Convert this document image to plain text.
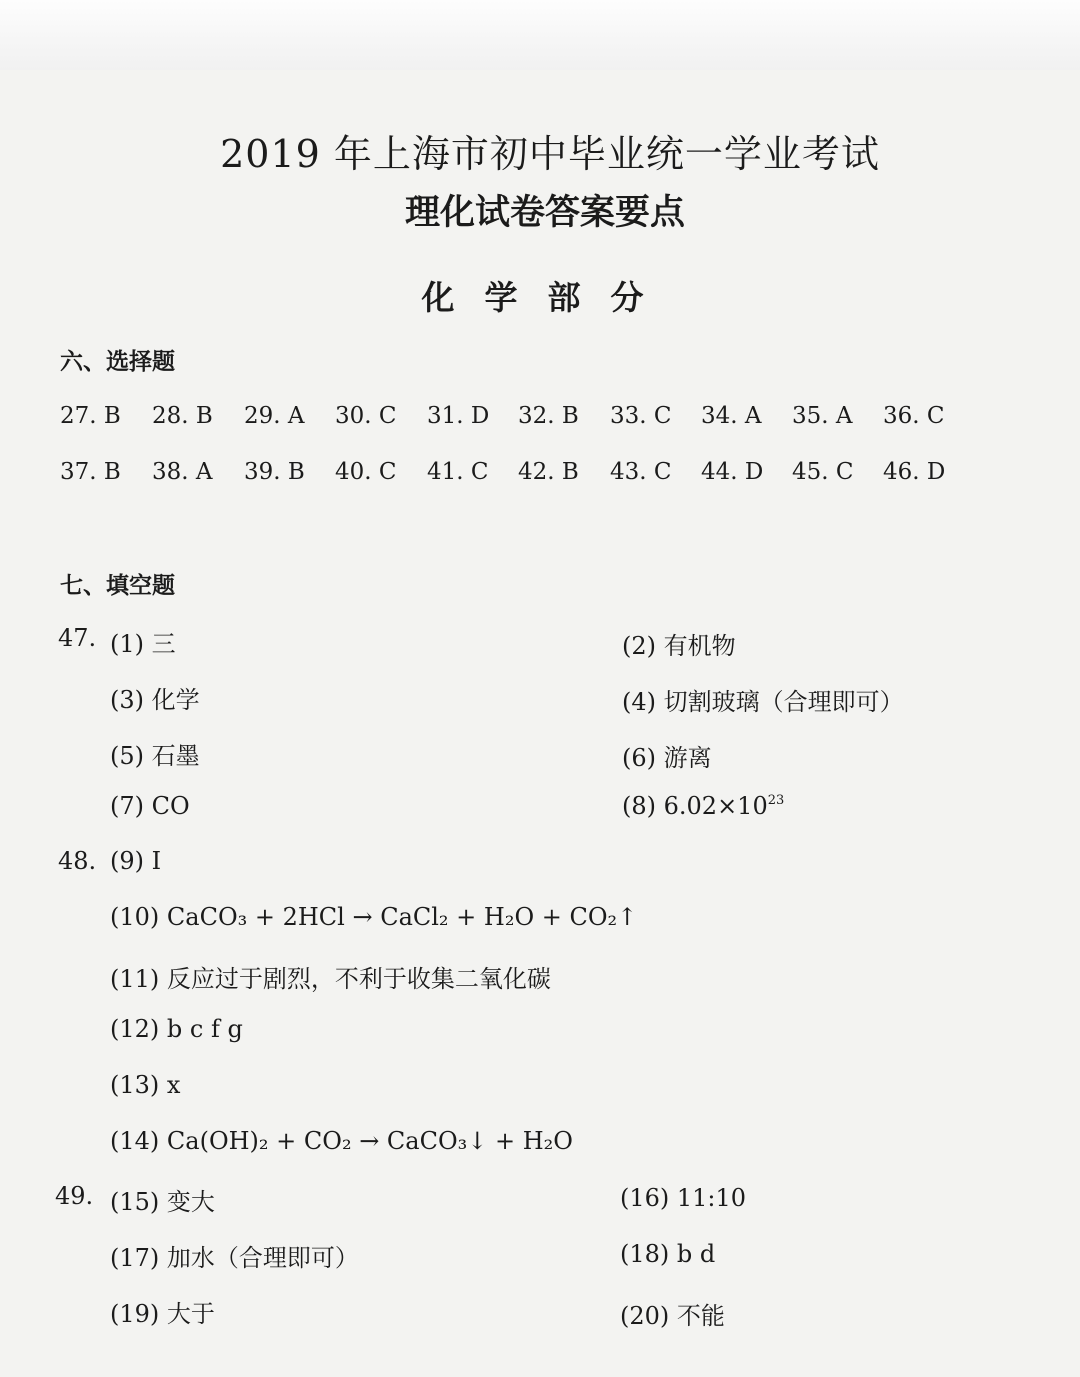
2019 年上海市初中毕业统一学业考试
理化试卷答案要点
化学部分
六、选择题
27. B 28. B 29. A 30. C 31. D 32. B 33. C 34. A 35. A 36. C
37. B 38. A 39. B 40. C 41. C 42. B 43. C 44. D 45. C 46. D
七、填空题
47. (1) 三	(2) 有机物
(3) 化学	(4) 切割玻璃（合理即可）
(5) 石墨	(6) 游离
(7) CO	(8) $6.02\times 10^{23}$
48. (9) I
(10) CaCO₃ + 2HCl → CaCl₂ + H₂O + CO₂↑
(11) 反应过于剧烈，不利于收集二氧化碳
(12) b c f g
(13) x
(14) Ca(OH)₂ + CO₂ → CaCO₃↓ + H₂O
49. (15) 变大	(16) 11:10
(17) 加水（合理即可）	(18) b d
(19) 大于	(20) 不能
